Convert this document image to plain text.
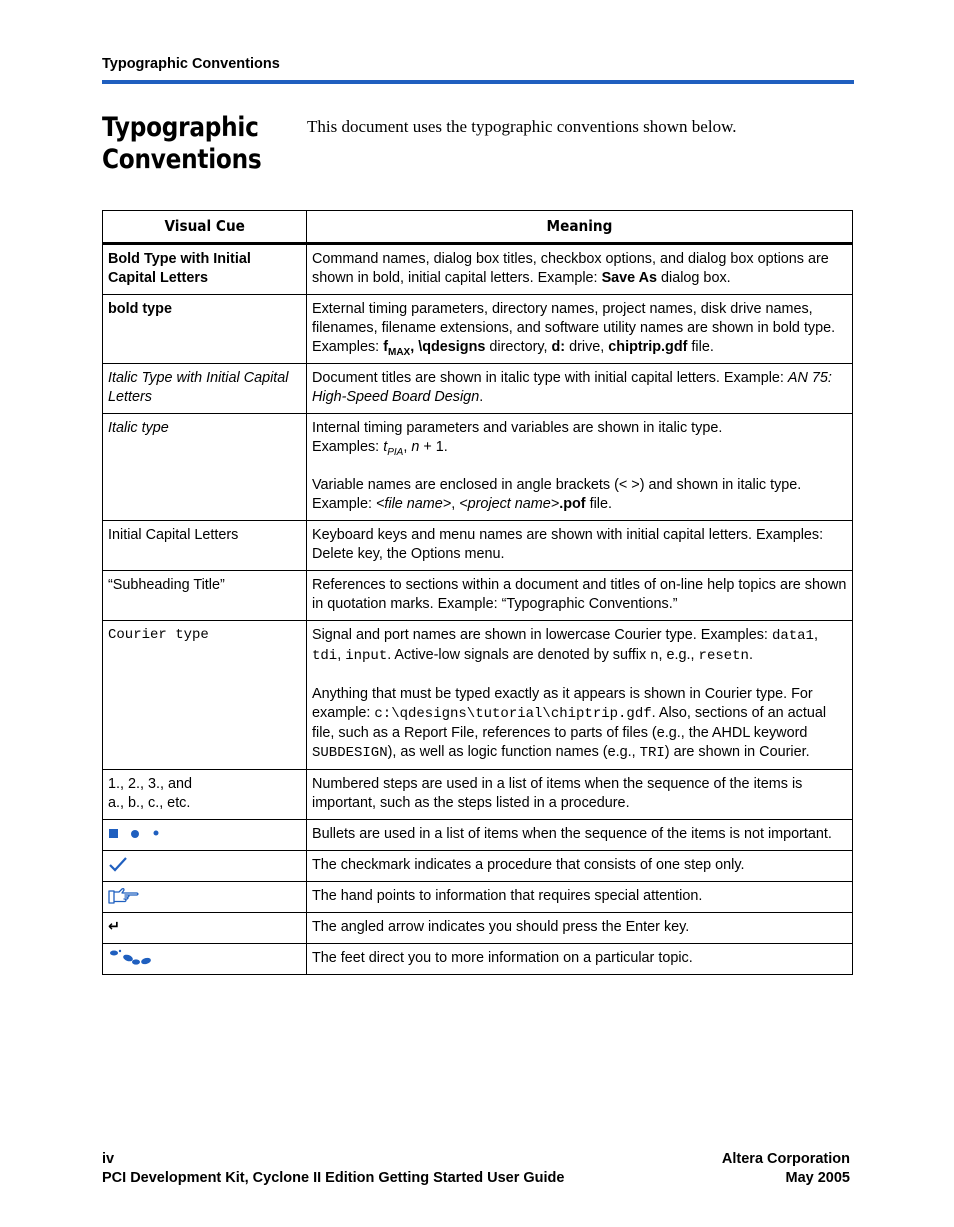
Typographic Conventions
Typographic
Conventions
This document uses the typographic conventions shown below.
Visual Cue	Meaning
Bold Type with Initial Capital Letters	Command names, dialog box titles, checkbox options, and dialog box options are shown in bold, initial capital letters. Example: Save As dialog box.
bold type	External timing parameters, directory names, project names, disk drive names, filenames, filename extensions, and software utility names are shown in bold type. Examples: $f_{MAX}$, \qdesigns directory, d: drive, chiptrip.gdf file.
Italic Type with Initial Capital Letters	Document titles are shown in italic type with initial capital letters. Example: AN 75: High-Speed Board Design.
Italic type	Internal timing parameters and variables are shown in italic type.
Examples: $t_{PIA}$, n + 1.
Variable names are enclosed in angle brackets (< >) and shown in italic type. Example: <file name>, <project name>.pof file.

Initial Capital Letters	Keyboard keys and menu names are shown with initial capital letters. Examples: Delete key, the Options menu.
“Subheading Title”	References to sections within a document and titles of on-line help topics are shown in quotation marks. Example: “Typographic Conventions.”
Courier type	Signal and port names are shown in lowercase Courier type. Examples: data1, tdi, input. Active-low signals are denoted by suffix n, e.g., resetn.
Anything that must be typed exactly as it appears is shown in Courier type. For example: c:\qdesigns\tutorial\chiptrip.gdf. Also, sections of an actual file, such as a Report File, references to parts of files (e.g., the AHDL keyword SUBDESIGN), as well as logic function names (e.g., TRI) are shown in Courier.

1., 2., 3., and
a., b., c., etc.	Numbered steps are used in a list of items when the sequence of the items is important, such as the steps listed in a procedure.
	Bullets are used in a list of items when the sequence of the items is not important.
	The checkmark indicates a procedure that consists of one step only.
	The hand points to information that requires special attention.
↵	The angled arrow indicates you should press the Enter key.
	The feet direct you to more information on a particular topic.
iv
PCI Development Kit, Cyclone II Edition Getting Started User Guide
Altera Corporation
May 2005
